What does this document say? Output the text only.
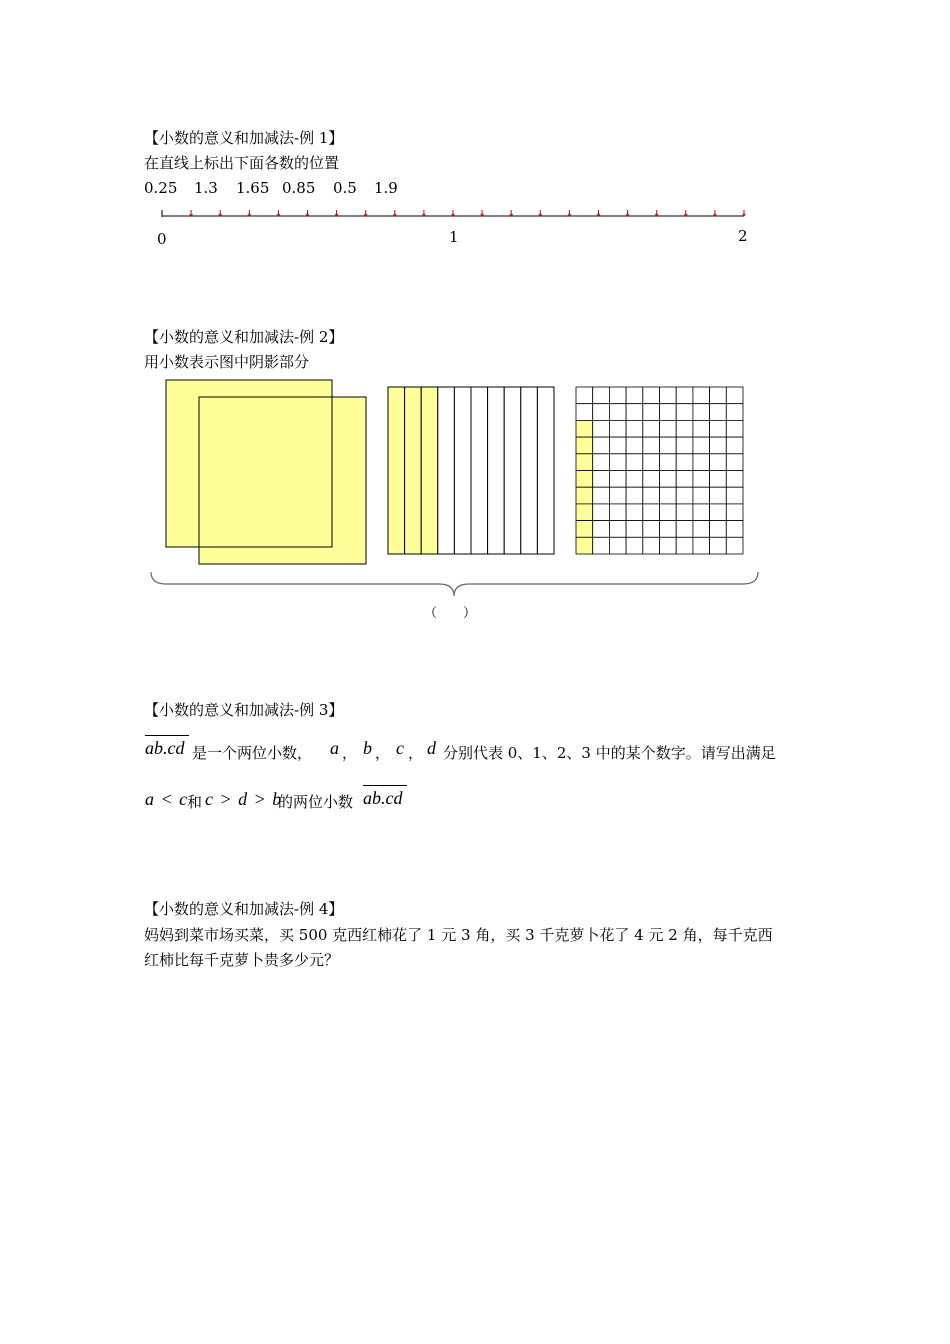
【小数的意义和加减法-例 1】
在直线上标出下面各数的位置
0.25 1.3 1.65 0.85 0.5 1.9
0	1	2
【小数的意义和加减法-例 2】
用小数表示图中阴影部分
（　　）
【小数的意义和加减法-例 3】
ab.cd 是一个两位小数， a ， b ， c ， d 分别代表 0、1、2、3 中的某个数字。请写出满足
a < c 和 c > d > b
的两位小数 ab.cd
【小数的意义和加减法-例 4】
妈妈到菜市场买菜，买 500 克西红柿花了 1 元 3 角，买 3 千克萝卜花了 4 元 2 角，每千克西
红柿比每千克萝卜贵多少元？
